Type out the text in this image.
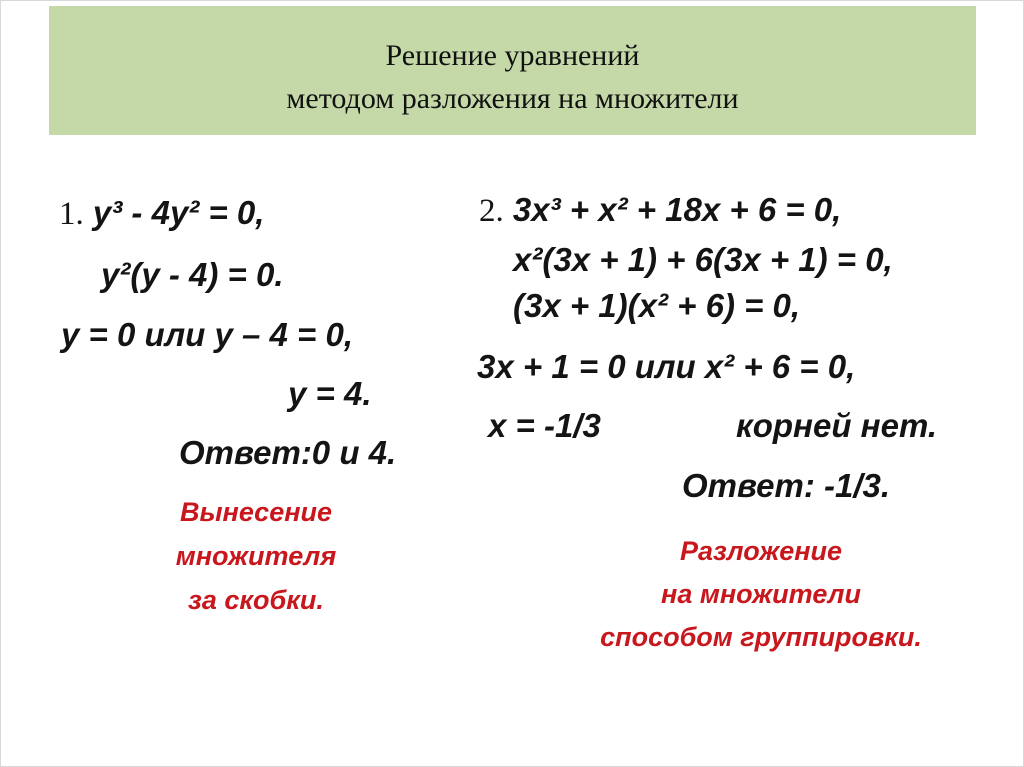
Решение уравнений
методом разложения на множители
1. y³ - 4y² = 0,
y²(y - 4) = 0.
y = 0 или y – 4 = 0,
y = 4.
Ответ:0 и 4.
Вынесение
множителя
за скобки.
2. 3x³ + x² + 18x + 6 = 0,
x²(3x + 1) + 6(3x + 1) = 0,
(3x + 1)(x² + 6) = 0,
3x + 1 = 0 или x² + 6 = 0,
x = -1/3	корней нет.
Ответ: -1/3.
Разложение
на множители
способом группировки.
